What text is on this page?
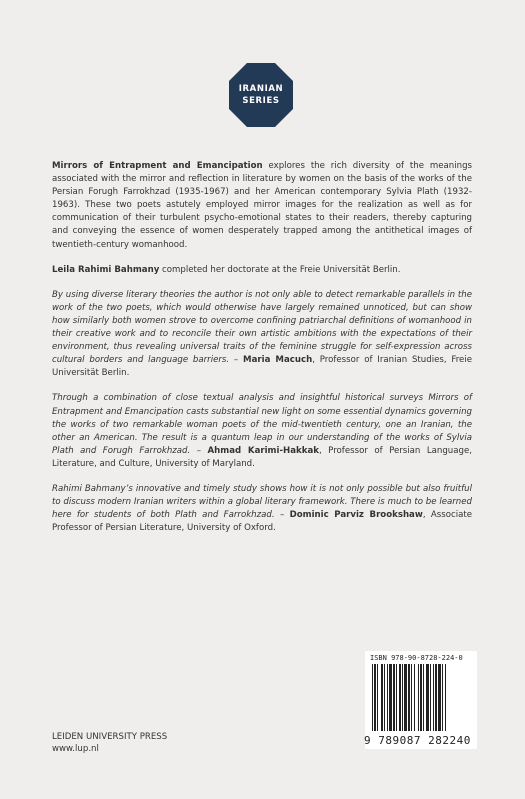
IRANIAN
SERIES

Mirrors of Entrapment and Emancipation explores the rich diversity of the meanings associated with the mirror and reflection in literature by women on the basis of the works of the Persian Forugh Farrokhzad (1935-1967) and her American contemporary Sylvia Plath (1932-1963). These two poets astutely employed mirror images for the realization as well as for communication of their turbulent psycho-emotional states to their readers, thereby capturing and conveying the essence of women desperately trapped among the antithetical images of twentieth-century womanhood.

Leila Rahimi Bahmany completed her doctorate at the Freie Universität Berlin.

By using diverse literary theories the author is not only able to detect remarkable parallels in the work of the two poets, which would otherwise have largely remained unnoticed, but can show how similarly both women strove to overcome confining patriarchal definitions of womanhood in their creative work and to reconcile their own artistic ambitions with the expectations of their environment, thus revealing universal traits of the feminine struggle for self-expression across cultural borders and language barriers. – Maria Macuch, Professor of Iranian Studies, Freie Universität Berlin.

Through a combination of close textual analysis and insightful historical surveys Mirrors of Entrapment and Emancipation casts substantial new light on some essential dynamics governing the works of two remarkable woman poets of the mid-twentieth century, one an Iranian, the other an American. The result is a quantum leap in our understanding of the works of Sylvia Plath and Forugh Farrokhzad. – Ahmad Karimi-Hakkak, Professor of Persian Language, Literature, and Culture, University of Maryland.

Rahimi Bahmany’s innovative and timely study shows how it is not only possible but also fruitful to discuss modern Iranian writers within a global literary framework. There is much to be learned here for students of both Plath and Farrokhzad. – Dominic Parviz Brookshaw, Associate Professor of Persian Literature, University of Oxford.

ISBN 978-90-8728-224-0
9 789087 282240
LEIDEN UNIVERSITY PRESS
www.lup.nl
